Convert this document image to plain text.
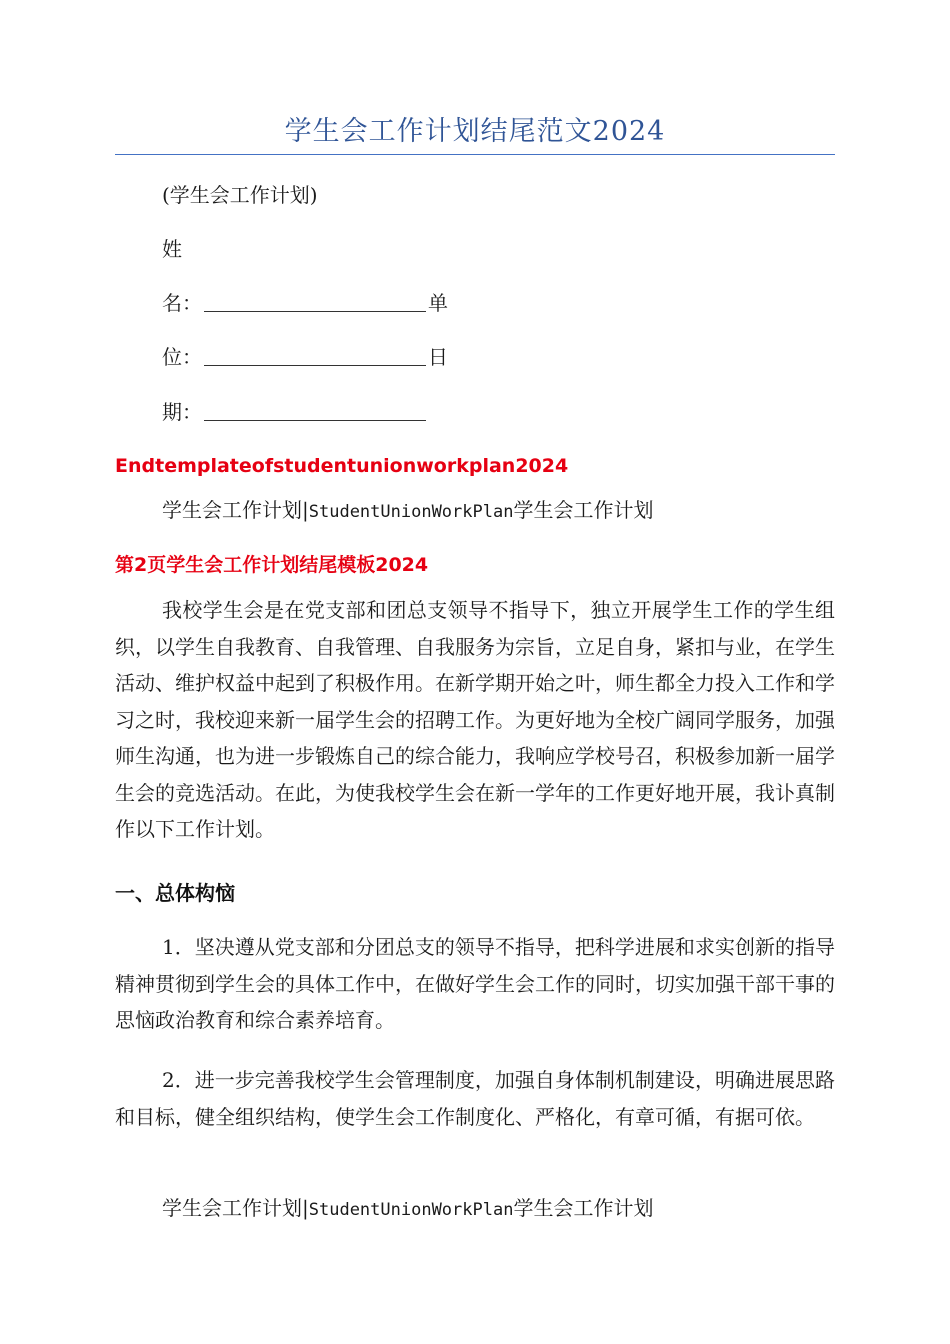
学生会工作计划结尾范文2024
(学生会工作计划)
姓
名：	单
位：	日
期：
Endtemplateofstudentunionworkplan2024
学生会工作计划|StudentUnionWorkPlan学生会工作计划
第2页学生会工作计划结尾模板2024
我校学生会是在党支部和团总支领导不指导下，独立开展学生工作的学生组织，以学生自我教育、自我管理、自我服务为宗旨，立足自身，紧扣与业，在学生活动、维护权益中起到了积极作用。在新学期开始之叶，师生都全力投入工作和学习之时，我校迎来新一届学生会的招聘工作。为更好地为全校广阔同学服务，加强师生沟通，也为进一步锻炼自己的综合能力，我响应学校号召，积极参加新一届学生会的竞选活动。在此，为使我校学生会在新一学年的工作更好地开展，我讣真制作以下工作计划。
一、总体构恼
1．坚决遵从党支部和分团总支的领导不指导，把科学进展和求实创新的指导精神贯彻到学生会的具体工作中，在做好学生会工作的同时，切实加强干部干事的思恼政治教育和综合素养培育。
2．进一步完善我校学生会管理制度，加强自身体制机制建设，明确进展思路和目标，健全组织结构，使学生会工作制度化、严格化，有章可循，有据可依。
学生会工作计划|StudentUnionWorkPlan学生会工作计划
